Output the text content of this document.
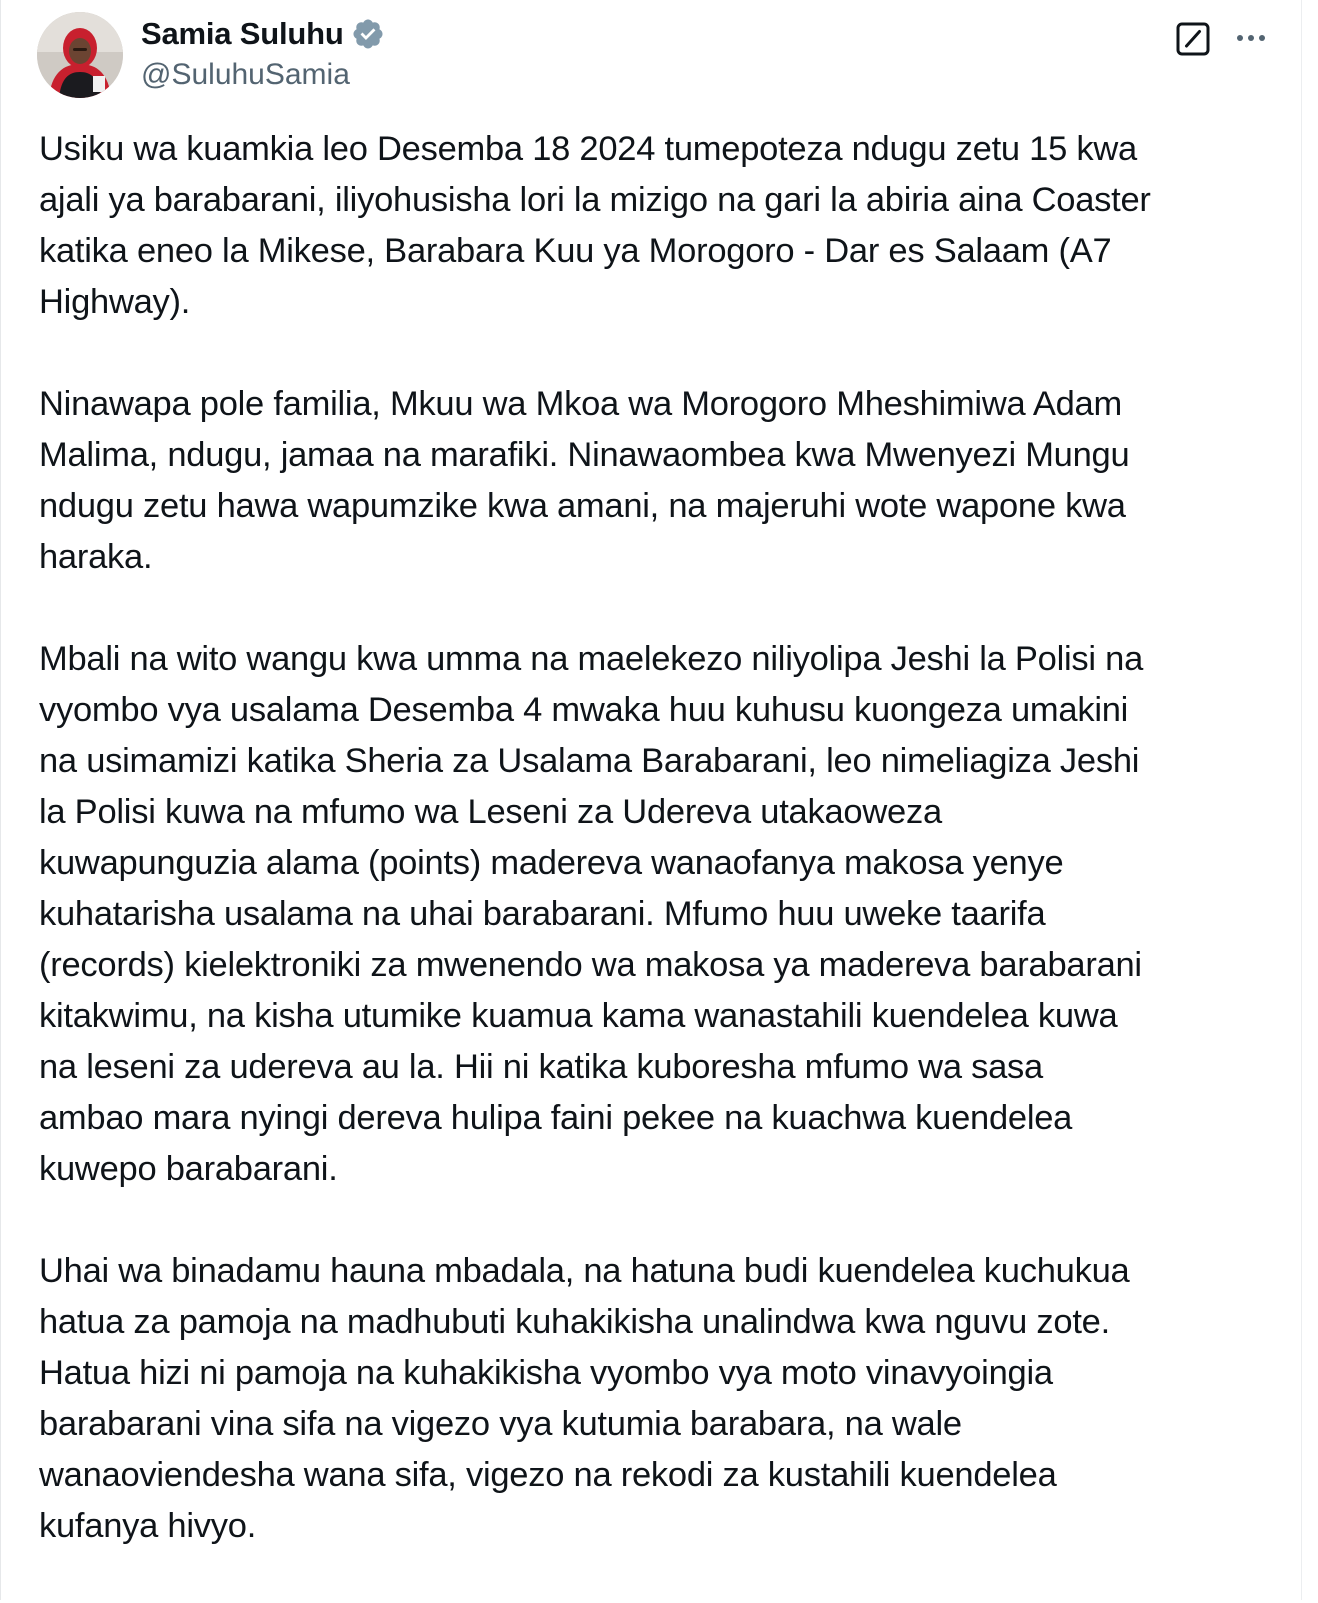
Samia Suluhu
@SuluhuSamia

Usiku wa kuamkia leo Desemba 18 2024 tumepoteza ndugu zetu 15 kwa
ajali ya barabarani, iliyohusisha lori la mizigo na gari la abiria aina Coaster
katika eneo la Mikese, Barabara Kuu ya Morogoro - Dar es Salaam (A7
Highway).

Ninawapa pole familia, Mkuu wa Mkoa wa Morogoro Mheshimiwa Adam
Malima, ndugu, jamaa na marafiki. Ninawaombea kwa Mwenyezi Mungu
ndugu zetu hawa wapumzike kwa amani, na majeruhi wote wapone kwa
haraka.

Mbali na wito wangu kwa umma na maelekezo niliyolipa Jeshi la Polisi na
vyombo vya usalama Desemba 4 mwaka huu kuhusu kuongeza umakini
na usimamizi katika Sheria za Usalama Barabarani, leo nimeliagiza Jeshi
la Polisi kuwa na mfumo wa Leseni za Udereva utakaoweza
kuwapunguzia alama (points) madereva wanaofanya makosa yenye
kuhatarisha usalama na uhai barabarani. Mfumo huu uweke taarifa
(records) kielektroniki za mwenendo wa makosa ya madereva barabarani
kitakwimu, na kisha utumike kuamua kama wanastahili kuendelea kuwa
na leseni za udereva au la. Hii ni katika kuboresha mfumo wa sasa
ambao mara nyingi dereva hulipa faini pekee na kuachwa kuendelea
kuwepo barabarani.

Uhai wa binadamu hauna mbadala, na hatuna budi kuendelea kuchukua
hatua za pamoja na madhubuti kuhakikisha unalindwa kwa nguvu zote.
Hatua hizi ni pamoja na kuhakikisha vyombo vya moto vinavyoingia
barabarani vina sifa na vigezo vya kutumia barabara, na wale
wanaoviendesha wana sifa, vigezo na rekodi za kustahili kuendelea
kufanya hivyo.
